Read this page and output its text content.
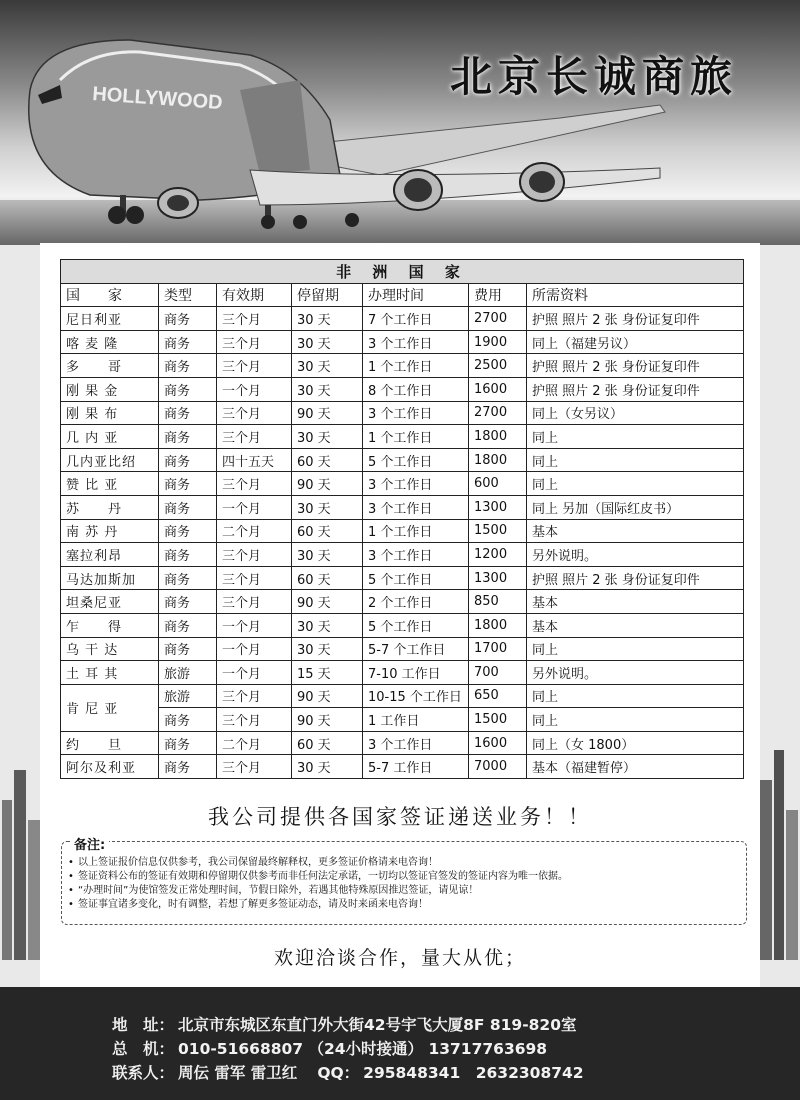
HOLLYWOOD	北京长诚商旅
非 洲 国 家						
国　　家	类型	有效期	停留期	办理时间	费用	所需资料
尼日利亚	商务	三个月	30 天	7 个工作日	2700	护照 照片 2 张 身份证复印件
喀 麦 隆	商务	三个月	30 天	3 个工作日	1900	同上（福建另议）
多　　哥	商务	三个月	30 天	1 个工作日	2500	护照 照片 2 张 身份证复印件
刚 果 金	商务	一个月	30 天	8 个工作日	1600	护照 照片 2 张 身份证复印件
刚 果 布	商务	三个月	90 天	3 个工作日	2700	同上（女另议）
几 内 亚	商务	三个月	30 天	1 个工作日	1800	同上
几内亚比绍	商务	四十五天	60 天	5 个工作日	1800	同上
赞 比 亚	商务	三个月	90 天	3 个工作日	600	同上
苏　　丹	商务	一个月	30 天	3 个工作日	1300	同上 另加（国际红皮书）
南 苏 丹	商务	二个月	60 天	1 个工作日	1500	基本
塞拉利昂	商务	三个月	30 天	3 个工作日	1200	另外说明。
马达加斯加	商务	三个月	60 天	5 个工作日	1300	护照 照片 2 张 身份证复印件
坦桑尼亚	商务	三个月	90 天	2 个工作日	850	基本
乍　　得	商务	一个月	30 天	5 个工作日	1800	基本
乌 干 达	商务	一个月	30 天	5-7 个工作日	1700	同上
土 耳 其	旅游	一个月	15 天	7-10 工作日	700	另外说明。
肯 尼 亚	旅游	三个月	90 天	10-15 个工作日	650	同上
	商务	三个月	90 天	1 工作日	1500	同上
约　　旦	商务	二个月	60 天	3 个工作日	1600	同上（女 1800）
阿尔及利亚	商务	三个月	30 天	5-7 工作日	7000	基本（福建暂停）
我公司提供各国家签证递送业务！！
备注:
• 以上签证报价信息仅供参考，我公司保留最终解释权，更多签证价格请来电咨询！
• 签证资料公布的签证有效期和停留期仅供参考而非任何法定承诺，一切均以签证官签发的签证内容为唯一依据。
• “办理时间”为使馆签发正常处理时间，节假日除外，若遇其他特殊原因推迟签证，请见谅！
• 签证事宜诸多变化，时有调整，若想了解更多签证动态，请及时来函来电咨询！
欢迎洽谈合作，量大从优；
地　址： 北京市东城区东直门外大街42号宇飞大厦8F 819-820室
总　机： 010-51668807 （24小时接通） 13717763698
联系人： 周伝 雷军 雷卫红 QQ： 295848341　2632308742
